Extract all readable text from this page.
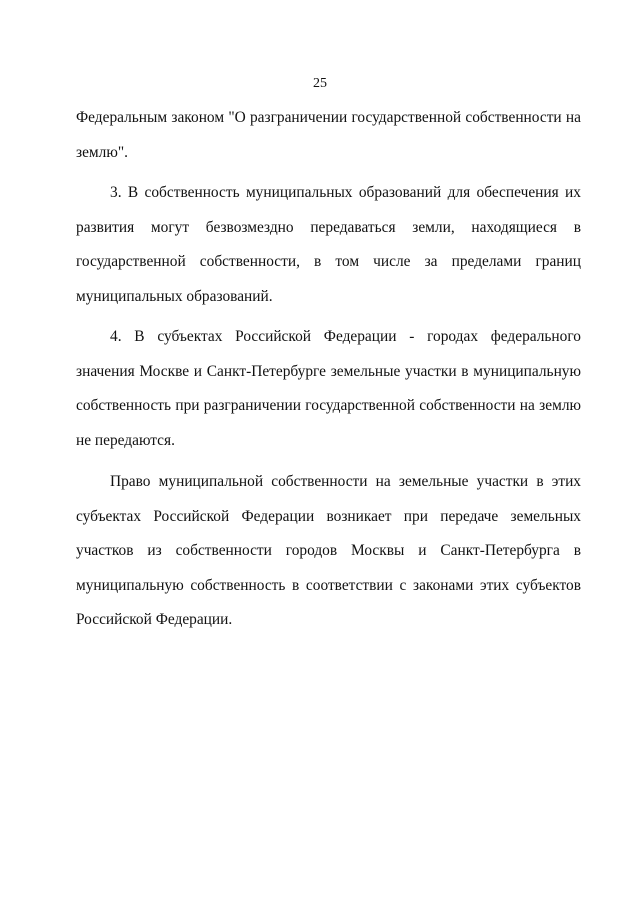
25

Федеральным законом "О разграничении государственной собственности на землю".

3. В собственность муниципальных образований для обеспечения их развития могут безвозмездно передаваться земли, находящиеся в государственной собственности, в том числе за пределами границ муниципальных образований.

4. В субъектах Российской Федерации - городах федерального значения Москве и Санкт-Петербурге земельные участки в муниципальную собственность при разграничении государственной собственности на землю не передаются.

Право муниципальной собственности на земельные участки в этих субъектах Российской Федерации возникает при передаче земельных участков из собственности городов Москвы и Санкт-Петербурга в муниципальную собственность в соответствии с законами этих субъектов Российской Федерации.
